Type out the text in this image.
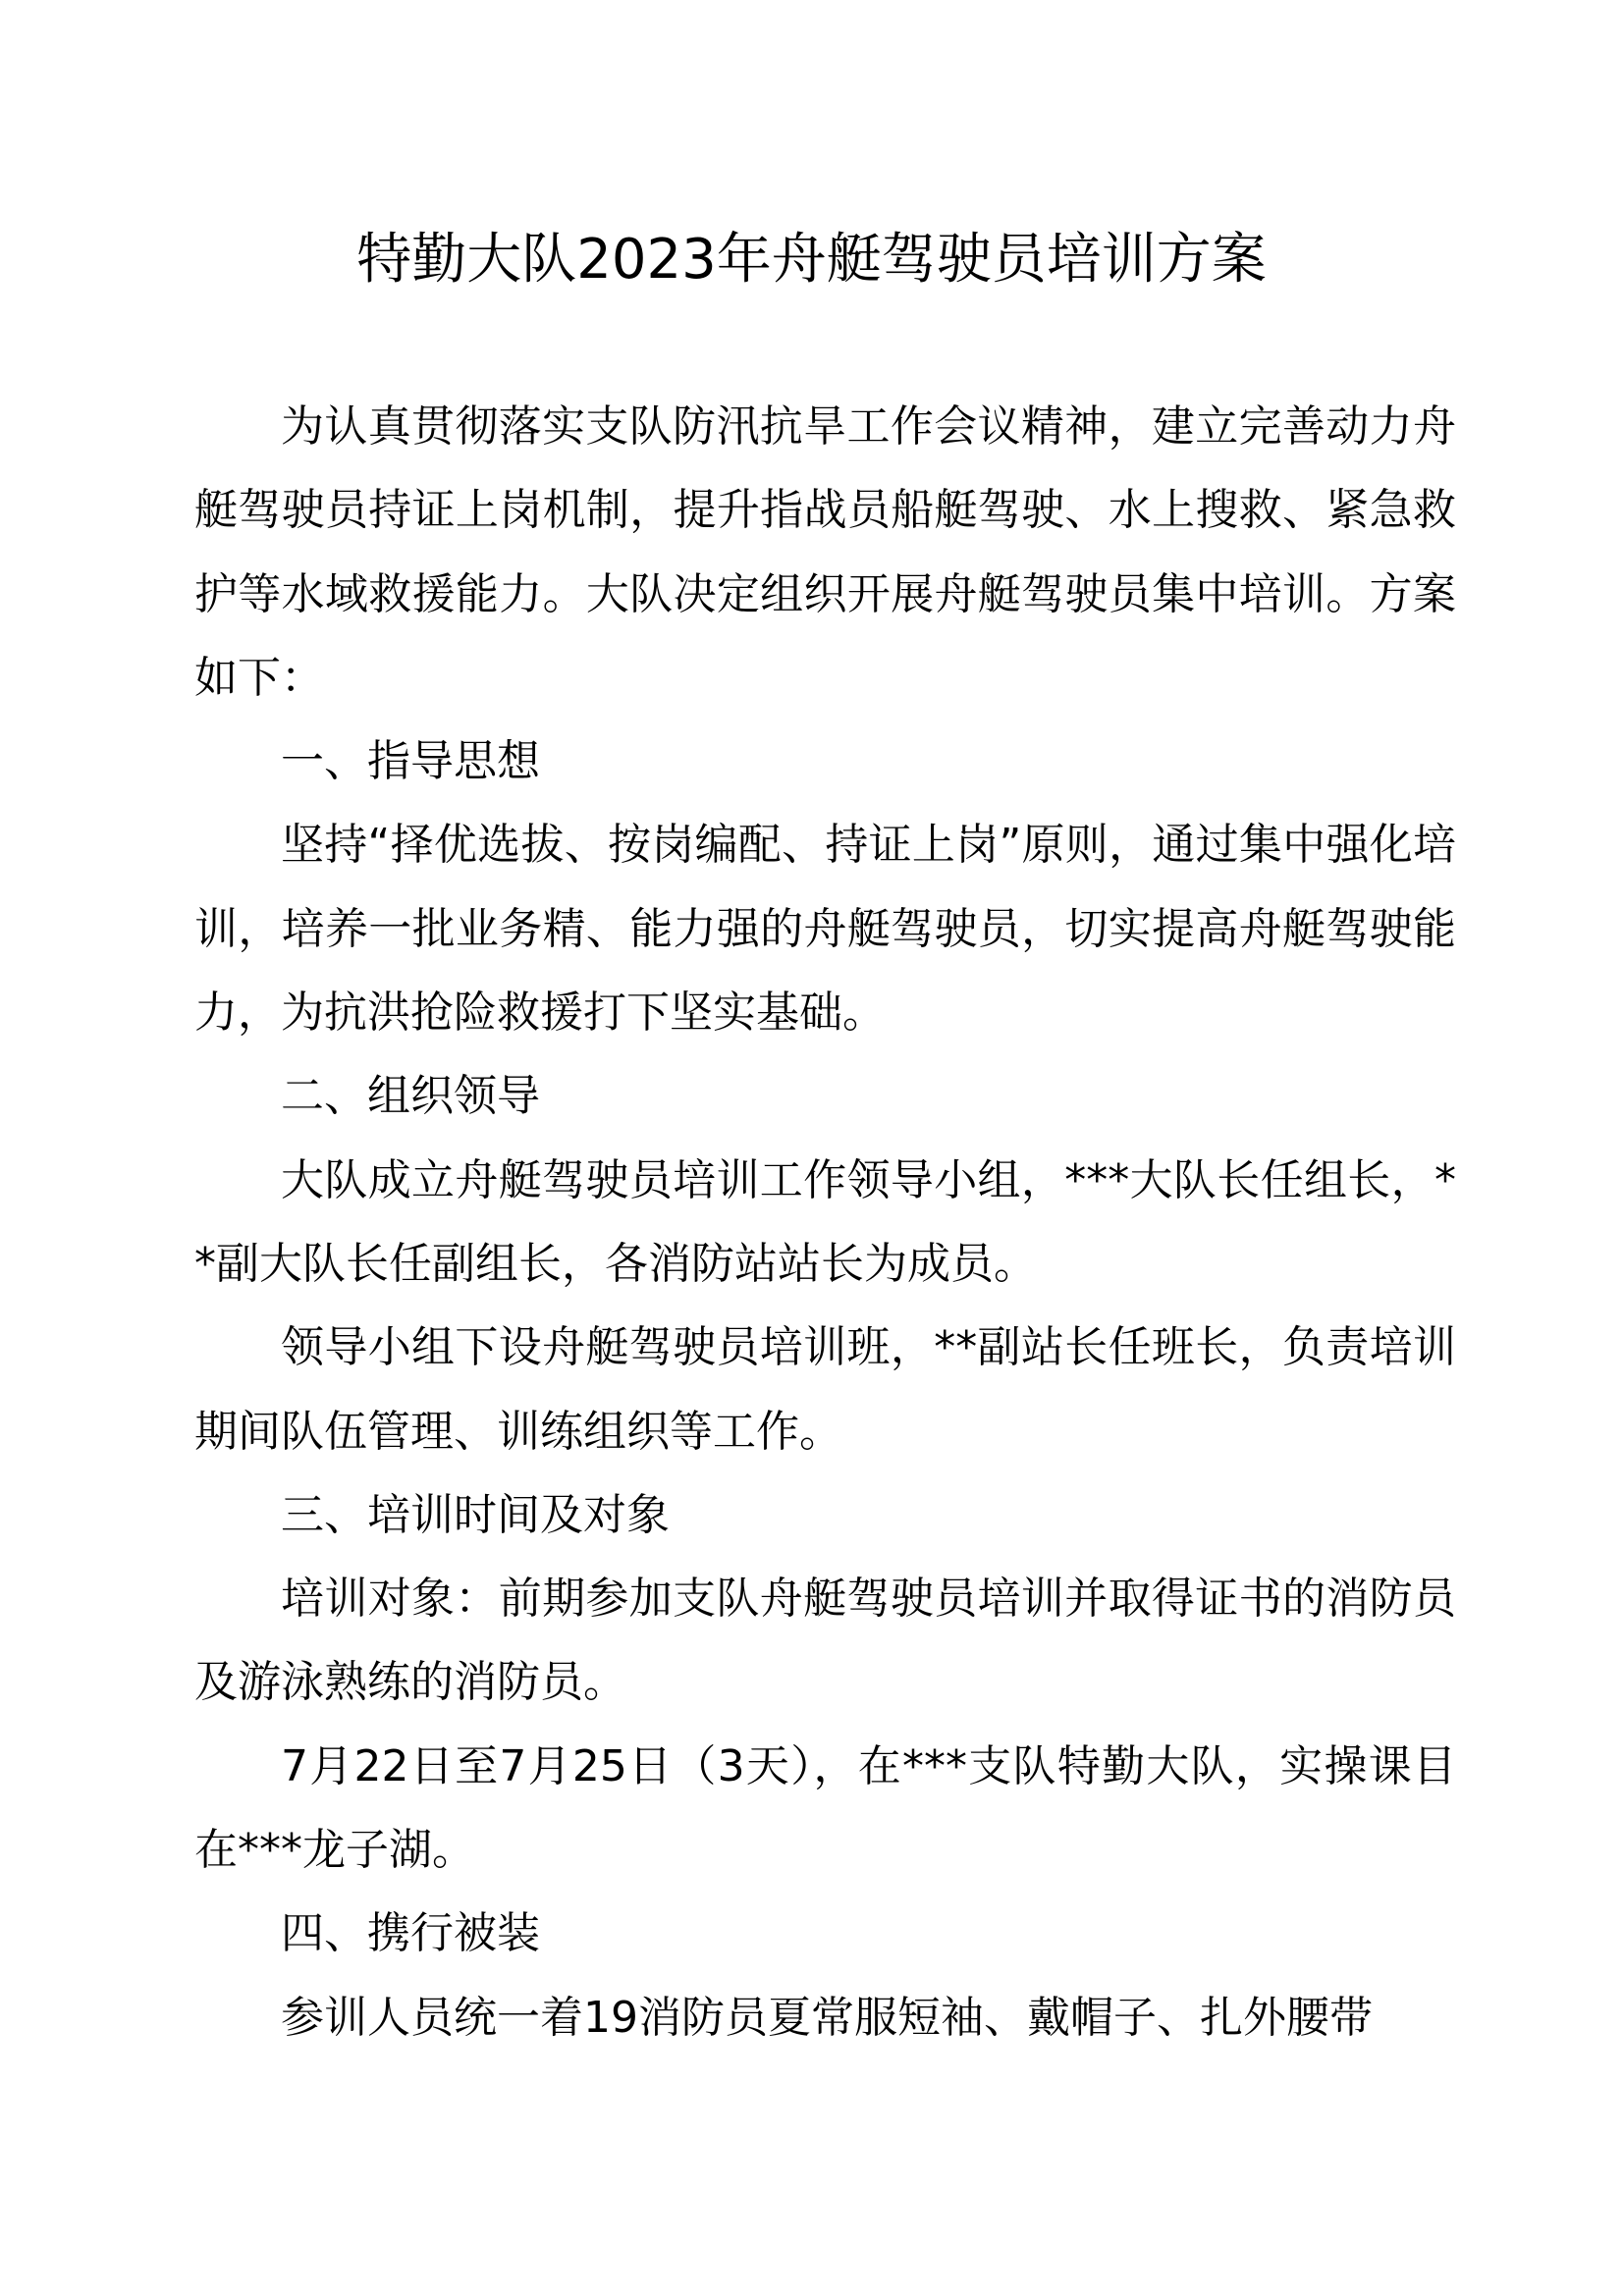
特勤大队2023年舟艇驾驶员培训方案

为认真贯彻落实支队防汛抗旱工作会议精神，建立完善动力舟艇驾驶员持证上岗机制，提升指战员船艇驾驶、水上搜救、紧急救护等水域救援能力。大队决定组织开展舟艇驾驶员集中培训。方案如下：

一、指导思想

坚持“择优选拔、按岗编配、持证上岗”原则，通过集中强化培训，培养一批业务精、能力强的舟艇驾驶员，切实提高舟艇驾驶能力，为抗洪抢险救援打下坚实基础。

二、组织领导

大队成立舟艇驾驶员培训工作领导小组，***大队长任组长，**副大队长任副组长，各消防站站长为成员。

领导小组下设舟艇驾驶员培训班，**副站长任班长，负责培训期间队伍管理、训练组织等工作。

三、培训时间及对象

培训对象：前期参加支队舟艇驾驶员培训并取得证书的消防员及游泳熟练的消防员。

7月22日至7月25日（3天），在***支队特勤大队，实操课目在***龙子湖。

四、携行被装

参训人员统一着19消防员夏常服短袖、戴帽子、扎外腰带
